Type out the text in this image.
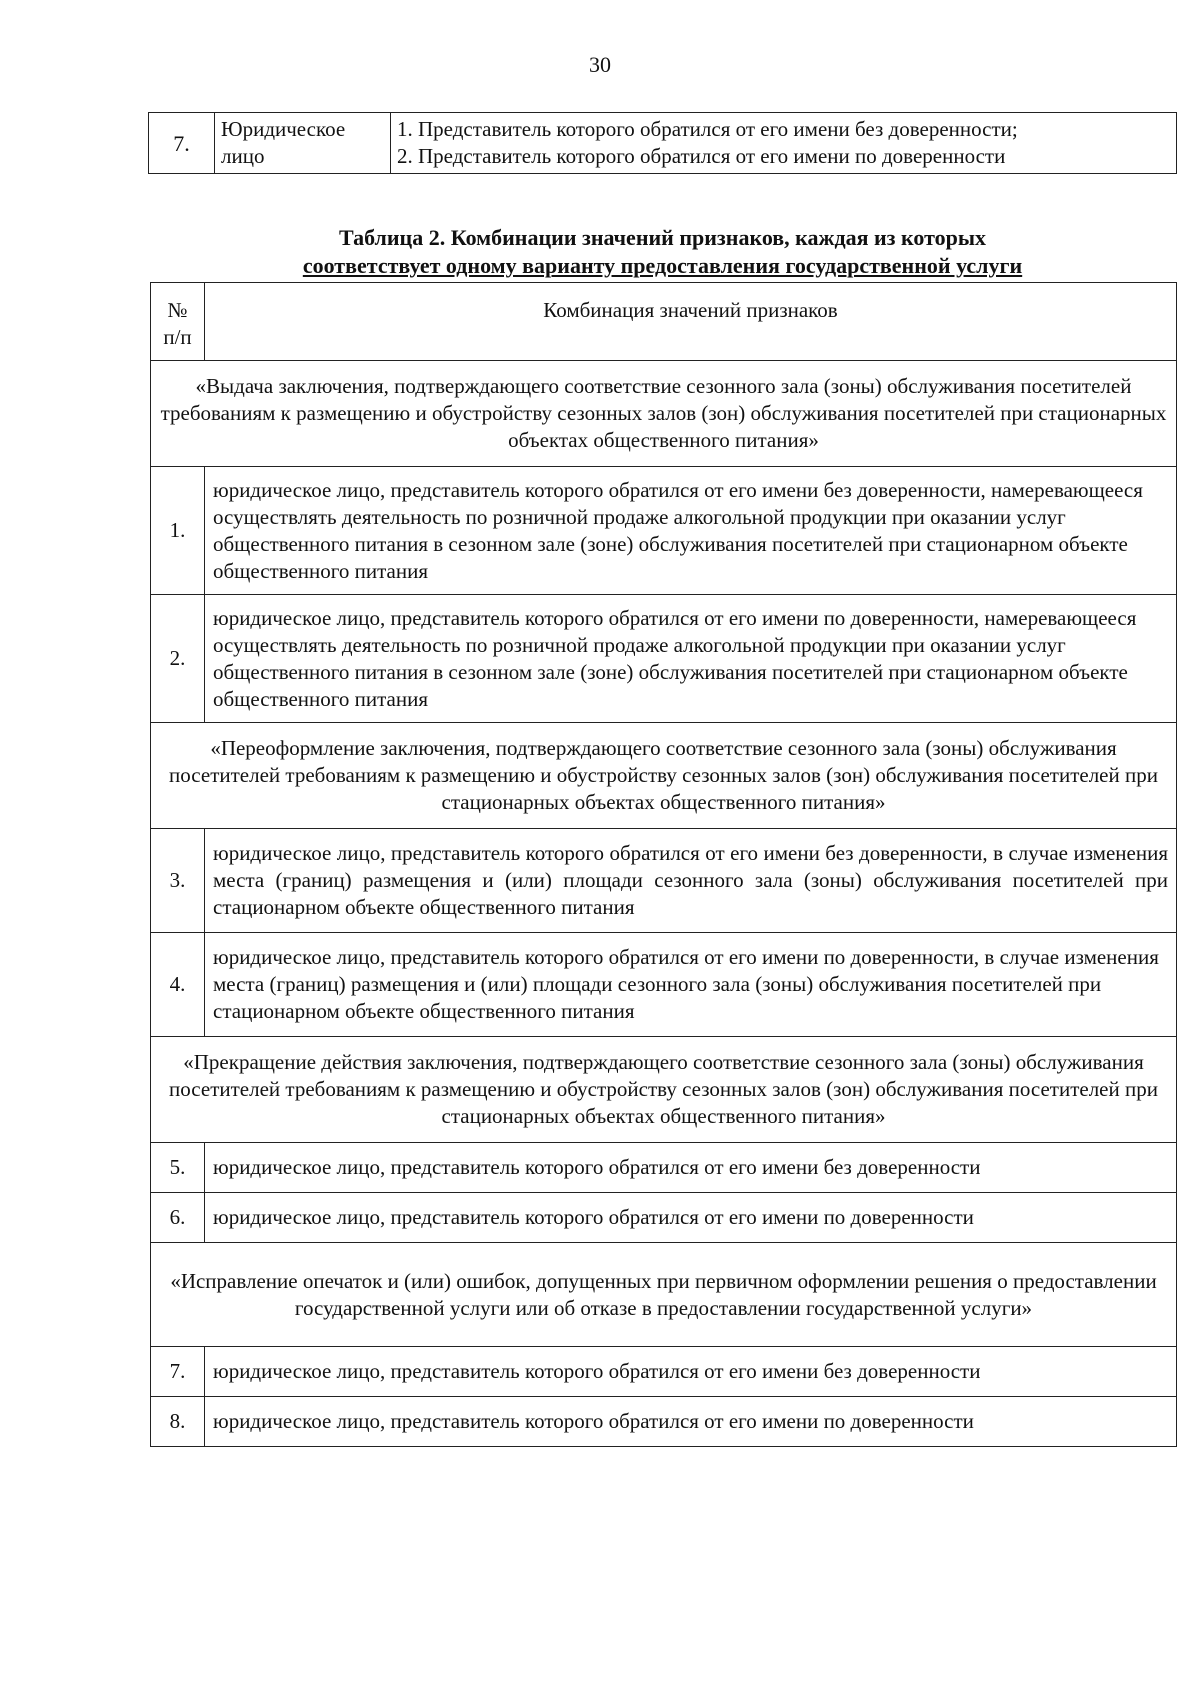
30
7.	Юридическое лицо	
1. Представитель которого обратился от его имени без доверенности;
2. Представитель которого обратился от его имени по доверенности
Таблица 2. Комбинации значений признаков, каждая из которых
соответствует одному варианту предоставления государственной услуги
№ п/п	Комбинация значений признаков
«Выдача заключения, подтверждающего соответствие сезонного зала (зоны) обслуживания посетителей требованиям к размещению и обустройству сезонных залов (зон) обслуживания посетителей при стационарных объектах общественного питания»	
1.	юридическое лицо, представитель которого обратился от его имени без доверенности, намеревающееся осуществлять деятельность по розничной продаже алкогольной продукции при оказании услуг общественного питания в сезонном зале (зоне) обслуживания посетителей при стационарном объекте общественного питания
2.	юридическое лицо, представитель которого обратился от его имени по доверенности, намеревающееся осуществлять деятельность по розничной продаже алкогольной продукции при оказании услуг общественного питания в сезонном зале (зоне) обслуживания посетителей при стационарном объекте общественного питания
«Переоформление заключения, подтверждающего соответствие сезонного зала (зоны) обслуживания посетителей требованиям к размещению и обустройству сезонных залов (зон) обслуживания посетителей при стационарных объектах общественного питания»	
3.	юридическое лицо, представитель которого обратился от его имени без доверенности, в случае изменения места (границ) размещения и (или) площади сезонного зала (зоны) обслуживания посетителей при стационарном объекте общественного питания
4.	юридическое лицо, представитель которого обратился от его имени по доверенности, в случае изменения места (границ) размещения и (или) площади сезонного зала (зоны) обслуживания посетителей при стационарном объекте общественного питания
«Прекращение действия заключения, подтверждающего соответствие сезонного зала (зоны) обслуживания посетителей требованиям к размещению и обустройству сезонных залов (зон) обслуживания посетителей при стационарных объектах общественного питания»	
5.	юридическое лицо, представитель которого обратился от его имени без доверенности
6.	юридическое лицо, представитель которого обратился от его имени по доверенности
«Исправление опечаток и (или) ошибок, допущенных при первичном оформлении решения о предоставлении государственной услуги или об отказе в предоставлении государственной услуги»	
7.	юридическое лицо, представитель которого обратился от его имени без доверенности
8.	юридическое лицо, представитель которого обратился от его имени по доверенности
